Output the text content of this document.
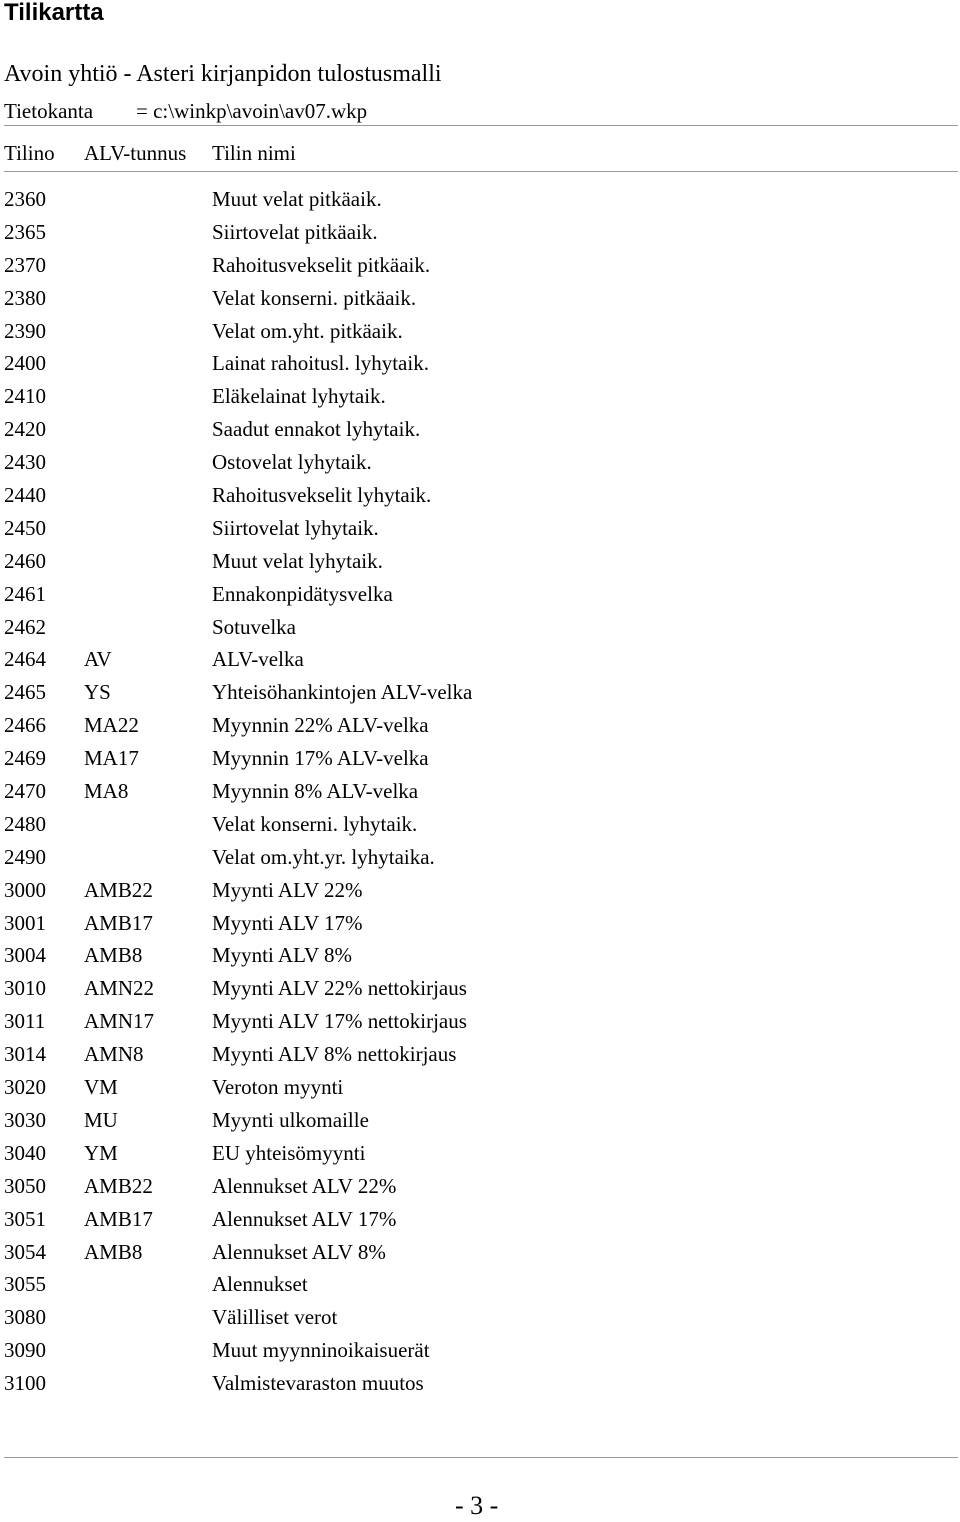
Tilikartta
Avoin yhtiö - Asteri kirjanpidon tulostusmalli
Tietokanta = c:\winkp\avoin\av07.wkp
Tilino ALV-tunnus Tilin nimi
2360	Muut velat pitkäaik.
2365	Siirtovelat pitkäaik.
2370	Rahoitusvekselit pitkäaik.
2380	Velat konserni. pitkäaik.
2390	Velat om.yht. pitkäaik.
2400	Lainat rahoitusl. lyhytaik.
2410	Eläkelainat lyhytaik.
2420	Saadut ennakot lyhytaik.
2430	Ostovelat lyhytaik.
2440	Rahoitusvekselit lyhytaik.
2450	Siirtovelat lyhytaik.
2460	Muut velat lyhytaik.
2461	Ennakonpidätysvelka
2462	Sotuvelka
2464 AV	ALV-velka
2465 YS	Yhteisöhankintojen ALV-velka
2466 MA22	Myynnin 22% ALV-velka
2469 MA17	Myynnin 17% ALV-velka
2470 MA8	Myynnin 8% ALV-velka
2480	Velat konserni. lyhytaik.
2490	Velat om.yht.yr. lyhytaika.
3000 AMB22	Myynti ALV 22%
3001 AMB17	Myynti ALV 17%
3004 AMB8	Myynti ALV 8%
3010 AMN22	Myynti ALV 22% nettokirjaus
3011 AMN17	Myynti ALV 17% nettokirjaus
3014 AMN8	Myynti ALV 8% nettokirjaus
3020 VM	Veroton myynti
3030 MU	Myynti ulkomaille
3040 YM	EU yhteisömyynti
3050 AMB22	Alennukset ALV 22%
3051 AMB17	Alennukset ALV 17%
3054 AMB8	Alennukset ALV 8%
3055	Alennukset
3080	Välilliset verot
3090	Muut myynninoikaisuerät
3100	Valmistevaraston muutos
- 3 -
